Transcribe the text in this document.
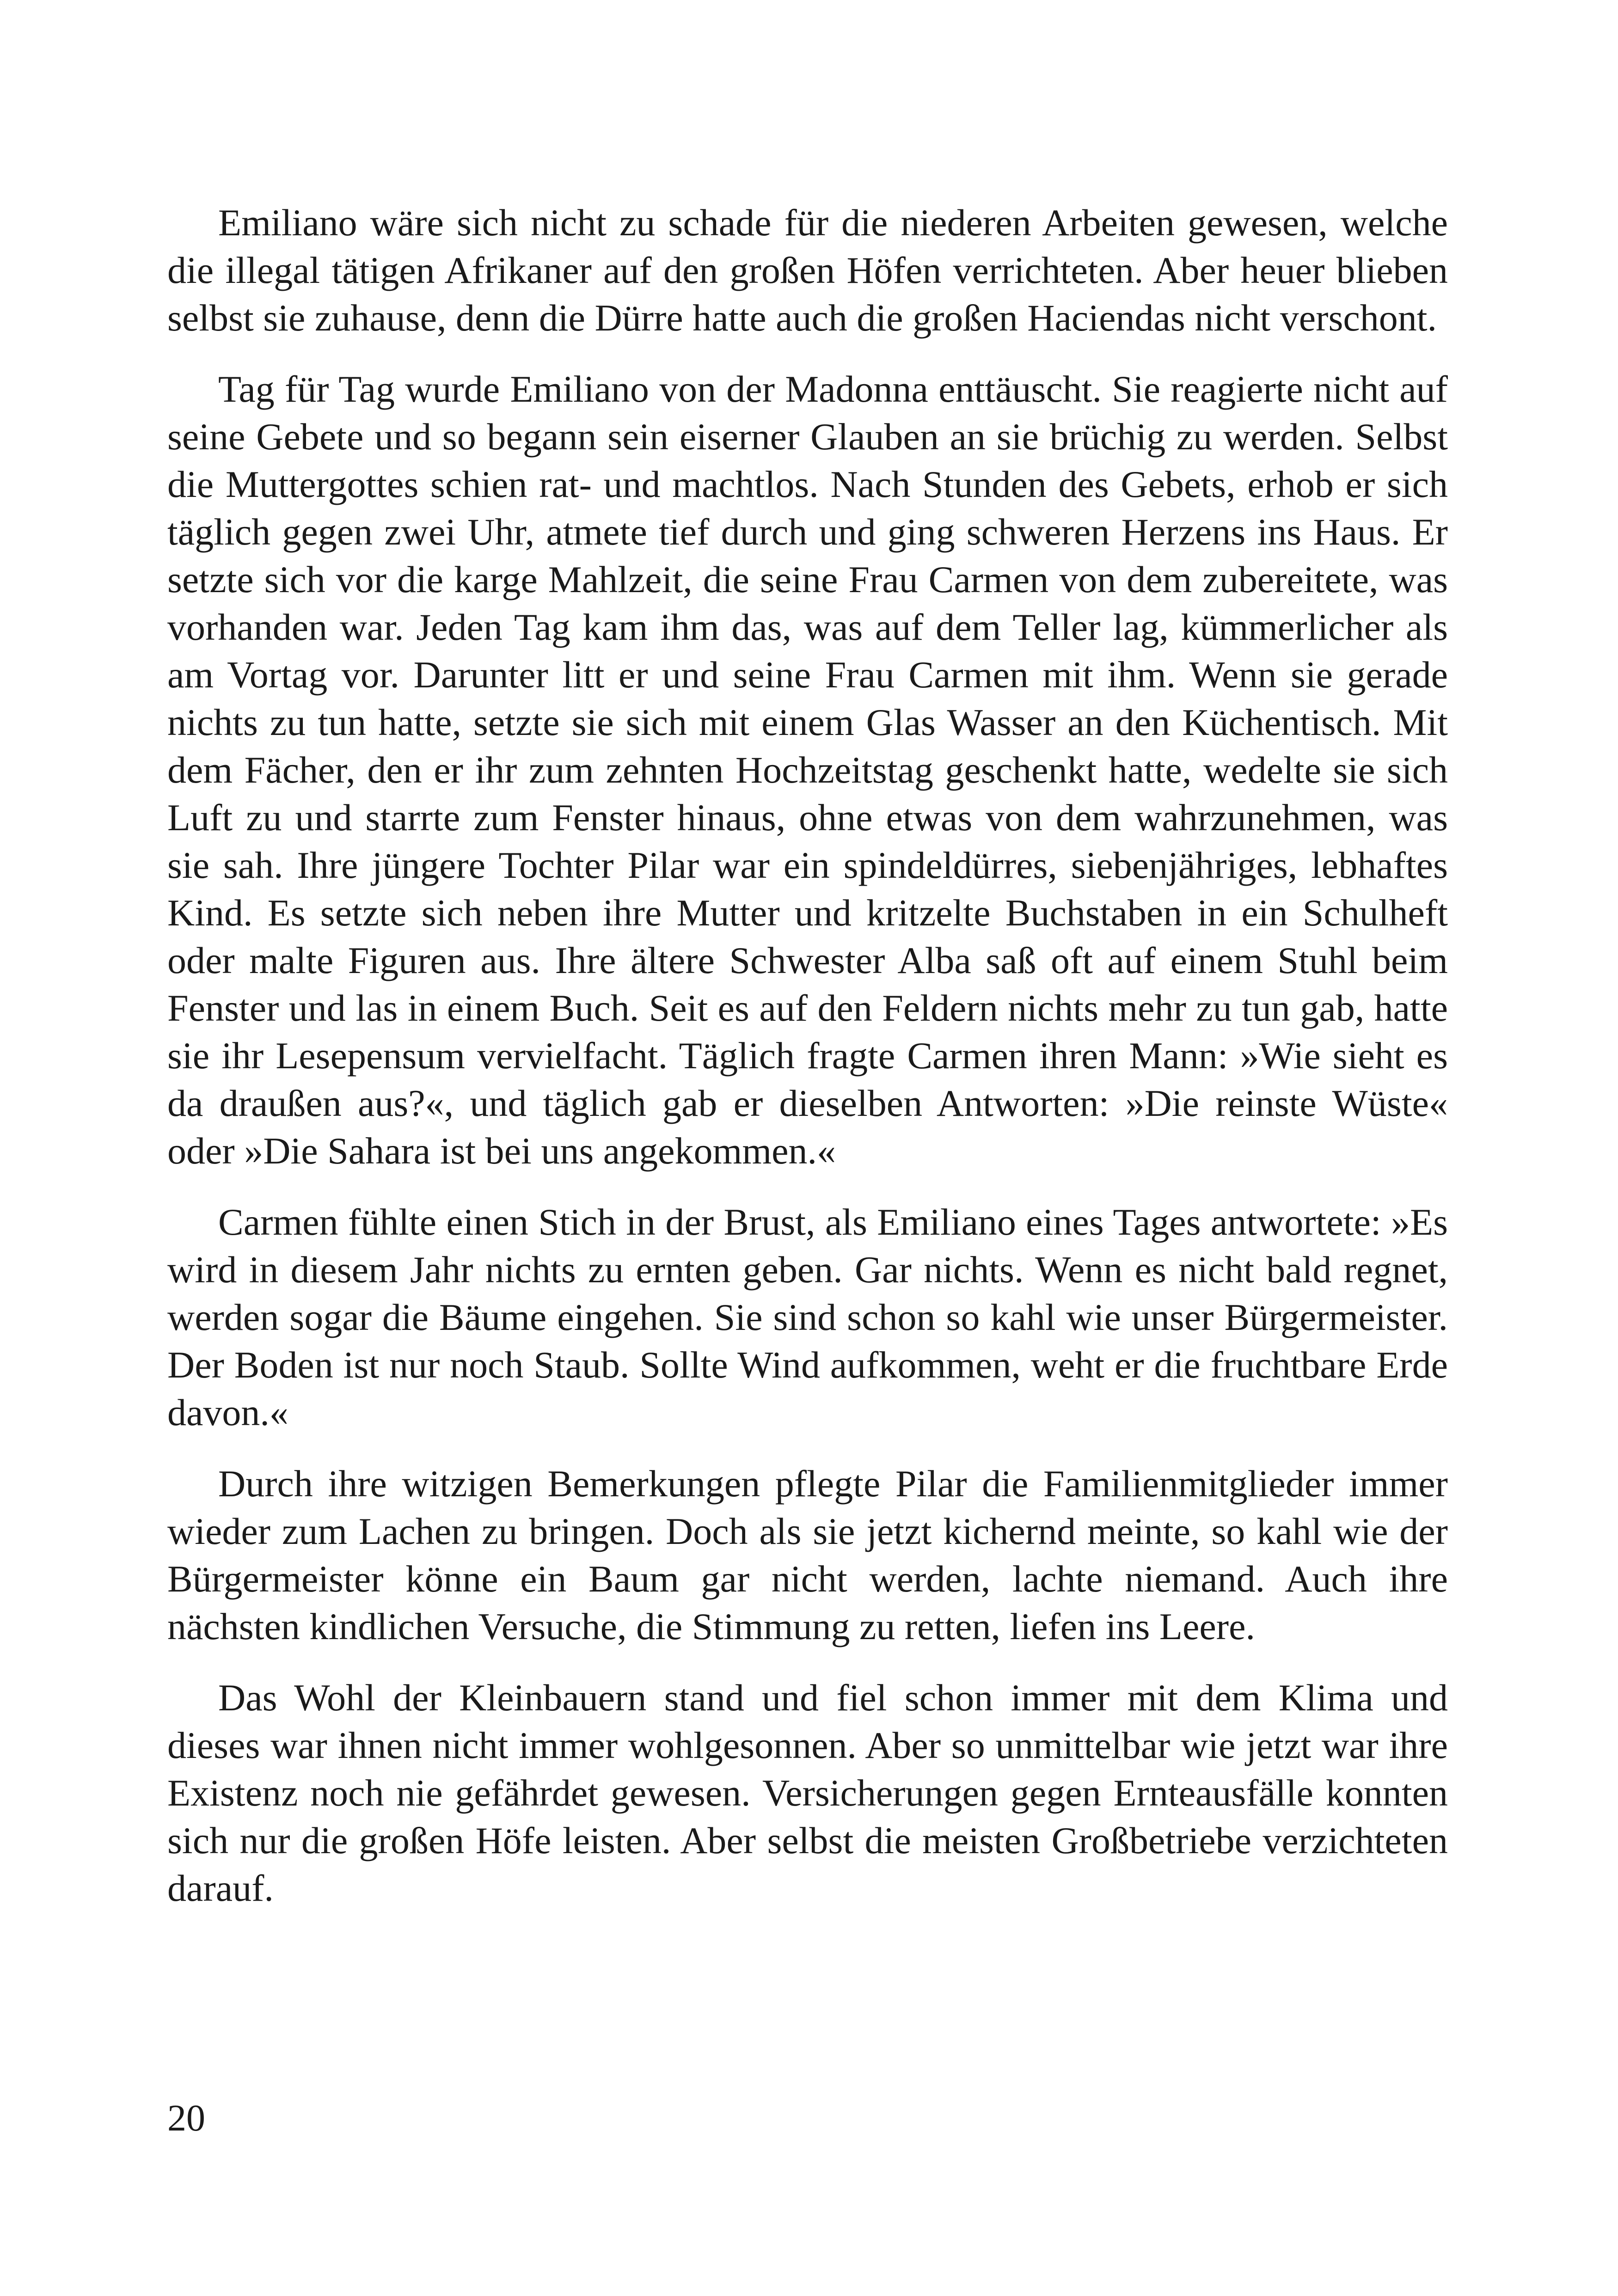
Emiliano wäre sich nicht zu schade für die niederen Arbeiten gewesen, welche die illegal tätigen Afrikaner auf den großen Höfen verrichteten. Aber heuer blieben selbst sie zuhause, denn die Dürre hatte auch die großen Haciendas nicht verschont.

Tag für Tag wurde Emiliano von der Madonna enttäuscht. Sie reagierte nicht auf seine Gebete und so begann sein eiserner Glauben an sie brüchig zu werden. Selbst die Muttergottes schien rat- und machtlos. Nach Stunden des Gebets, erhob er sich täglich gegen zwei Uhr, atmete tief durch und ging schweren Herzens ins Haus. Er setzte sich vor die karge Mahlzeit, die seine Frau Carmen von dem zubereitete, was vorhanden war. Jeden Tag kam ihm das, was auf dem Teller lag, kümmerlicher als am Vortag vor. Darunter litt er und seine Frau Carmen mit ihm. Wenn sie gerade nichts zu tun hatte, setzte sie sich mit einem Glas Wasser an den Küchentisch. Mit dem Fächer, den er ihr zum zehnten Hochzeitstag geschenkt hatte, wedelte sie sich Luft zu und starrte zum Fenster hinaus, ohne etwas von dem wahrzunehmen, was sie sah. Ihre jüngere Tochter Pilar war ein spindeldürres, siebenjähriges, lebhaftes Kind. Es setzte sich neben ihre Mutter und kritzelte Buchstaben in ein Schulheft oder malte Figuren aus. Ihre ältere Schwester Alba saß oft auf einem Stuhl beim Fenster und las in einem Buch. Seit es auf den Feldern nichts mehr zu tun gab, hatte sie ihr Lesepensum vervielfacht. Täglich fragte Carmen ihren Mann: »Wie sieht es da draußen aus?«, und täglich gab er dieselben Antworten: »Die reinste Wüste« oder »Die Sahara ist bei uns angekommen.«

Carmen fühlte einen Stich in der Brust, als Emiliano eines Tages antwortete: »Es wird in diesem Jahr nichts zu ernten geben. Gar nichts. Wenn es nicht bald regnet, werden sogar die Bäume eingehen. Sie sind schon so kahl wie unser Bürgermeister. Der Boden ist nur noch Staub. Sollte Wind aufkommen, weht er die fruchtbare Erde davon.«

Durch ihre witzigen Bemerkungen pflegte Pilar die Familienmitglieder immer wieder zum Lachen zu bringen. Doch als sie jetzt kichernd meinte, so kahl wie der Bürgermeister könne ein Baum gar nicht werden, lachte niemand. Auch ihre nächsten kindlichen Versuche, die Stimmung zu retten, liefen ins Leere.

Das Wohl der Kleinbauern stand und fiel schon immer mit dem Klima und dieses war ihnen nicht immer wohlgesonnen. Aber so unmittelbar wie jetzt war ihre Existenz noch nie gefährdet gewesen. Versicherungen gegen Ernteausfälle konnten sich nur die großen Höfe leisten. Aber selbst die meisten Großbetriebe verzichteten darauf.

20
